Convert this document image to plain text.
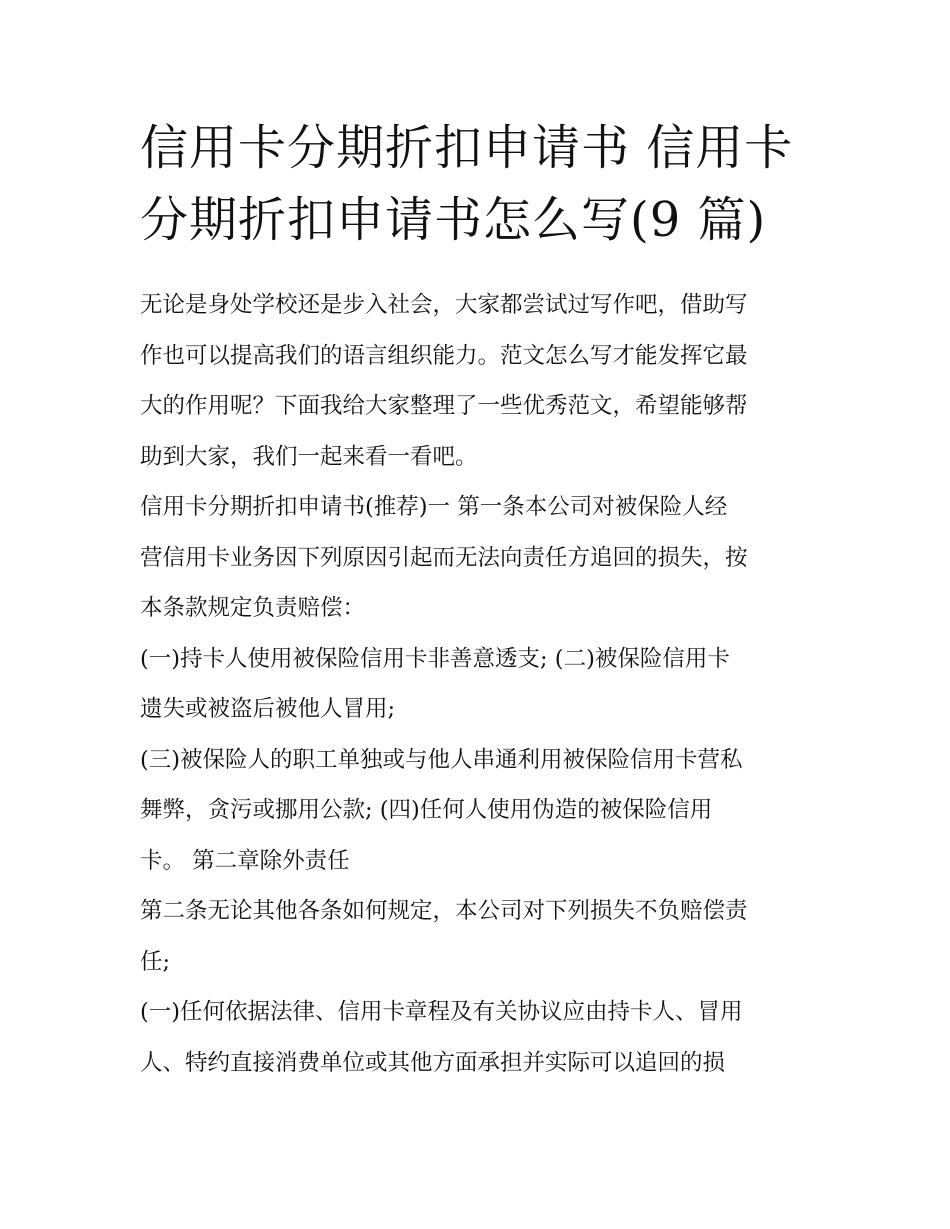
信用卡分期折扣申请书 信用卡
分期折扣申请书怎么写(9 篇)
无论是身处学校还是步入社会，大家都尝试过写作吧，借助写
作也可以提高我们的语言组织能力。范文怎么写才能发挥它最
大的作用呢？下面我给大家整理了一些优秀范文，希望能够帮
助到大家，我们一起来看一看吧。
信用卡分期折扣申请书(推荐)一 第一条本公司对被保险人经
营信用卡业务因下列原因引起而无法向责任方追回的损失，按
本条款规定负责赔偿：
(一)持卡人使用被保险信用卡非善意透支; (二)被保险信用卡
遗失或被盗后被他人冒用;
(三)被保险人的职工单独或与他人串通利用被保险信用卡营私
舞弊，贪污或挪用公款; (四)任何人使用伪造的被保险信用
卡。 第二章除外责任
第二条无论其他各条如何规定，本公司对下列损失不负赔偿责
任;
(一)任何依据法律、信用卡章程及有关协议应由持卡人、冒用
人、特约直接消费单位或其他方面承担并实际可以追回的损
